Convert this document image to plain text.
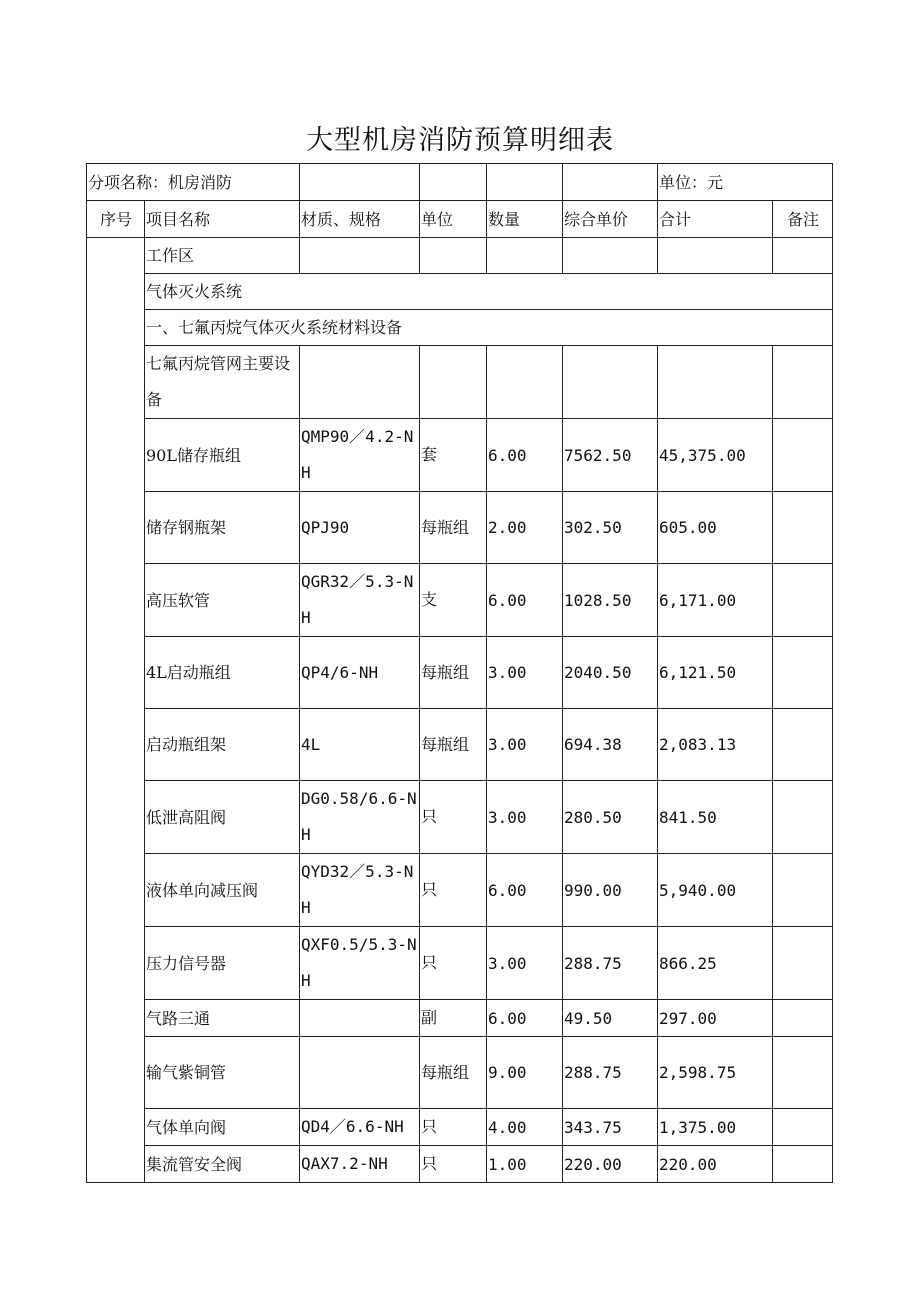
大型机房消防预算明细表
分项名称：机房消防						单位：元	
序号	项目名称	材质、规格	单位	数量	综合单价	合计	备注
	工作区						
	气体灭火系统						
	一、七氟丙烷气体灭火系统材料设备						
	七氟丙烷管网主要设备						
	90L储存瓶组	QMP90／4.2-NH	套	6.00	7562.50	45,375.00	
	储存钢瓶架	QPJ90	每瓶组	2.00	302.50	605.00	
	高压软管	QGR32／5.3-NH	支	6.00	1028.50	6,171.00	
	4L启动瓶组	QP4/6-NH	每瓶组	3.00	2040.50	6,121.50	
	启动瓶组架	4L	每瓶组	3.00	694.38	2,083.13	
	低泄高阻阀	DG0.58/6.6-NH	只	3.00	280.50	841.50	
	液体单向减压阀	QYD32／5.3-NH	只	6.00	990.00	5,940.00	
	压力信号器	QXF0.5/5.3-NH	只	3.00	288.75	866.25	
	气路三通		副	6.00	49.50	297.00	
	输气紫铜管		每瓶组	9.00	288.75	2,598.75	
	气体单向阀	QD4／6.6-NH	只	4.00	343.75	1,375.00	
	集流管安全阀	QAX7.2-NH	只	1.00	220.00	220.00	
